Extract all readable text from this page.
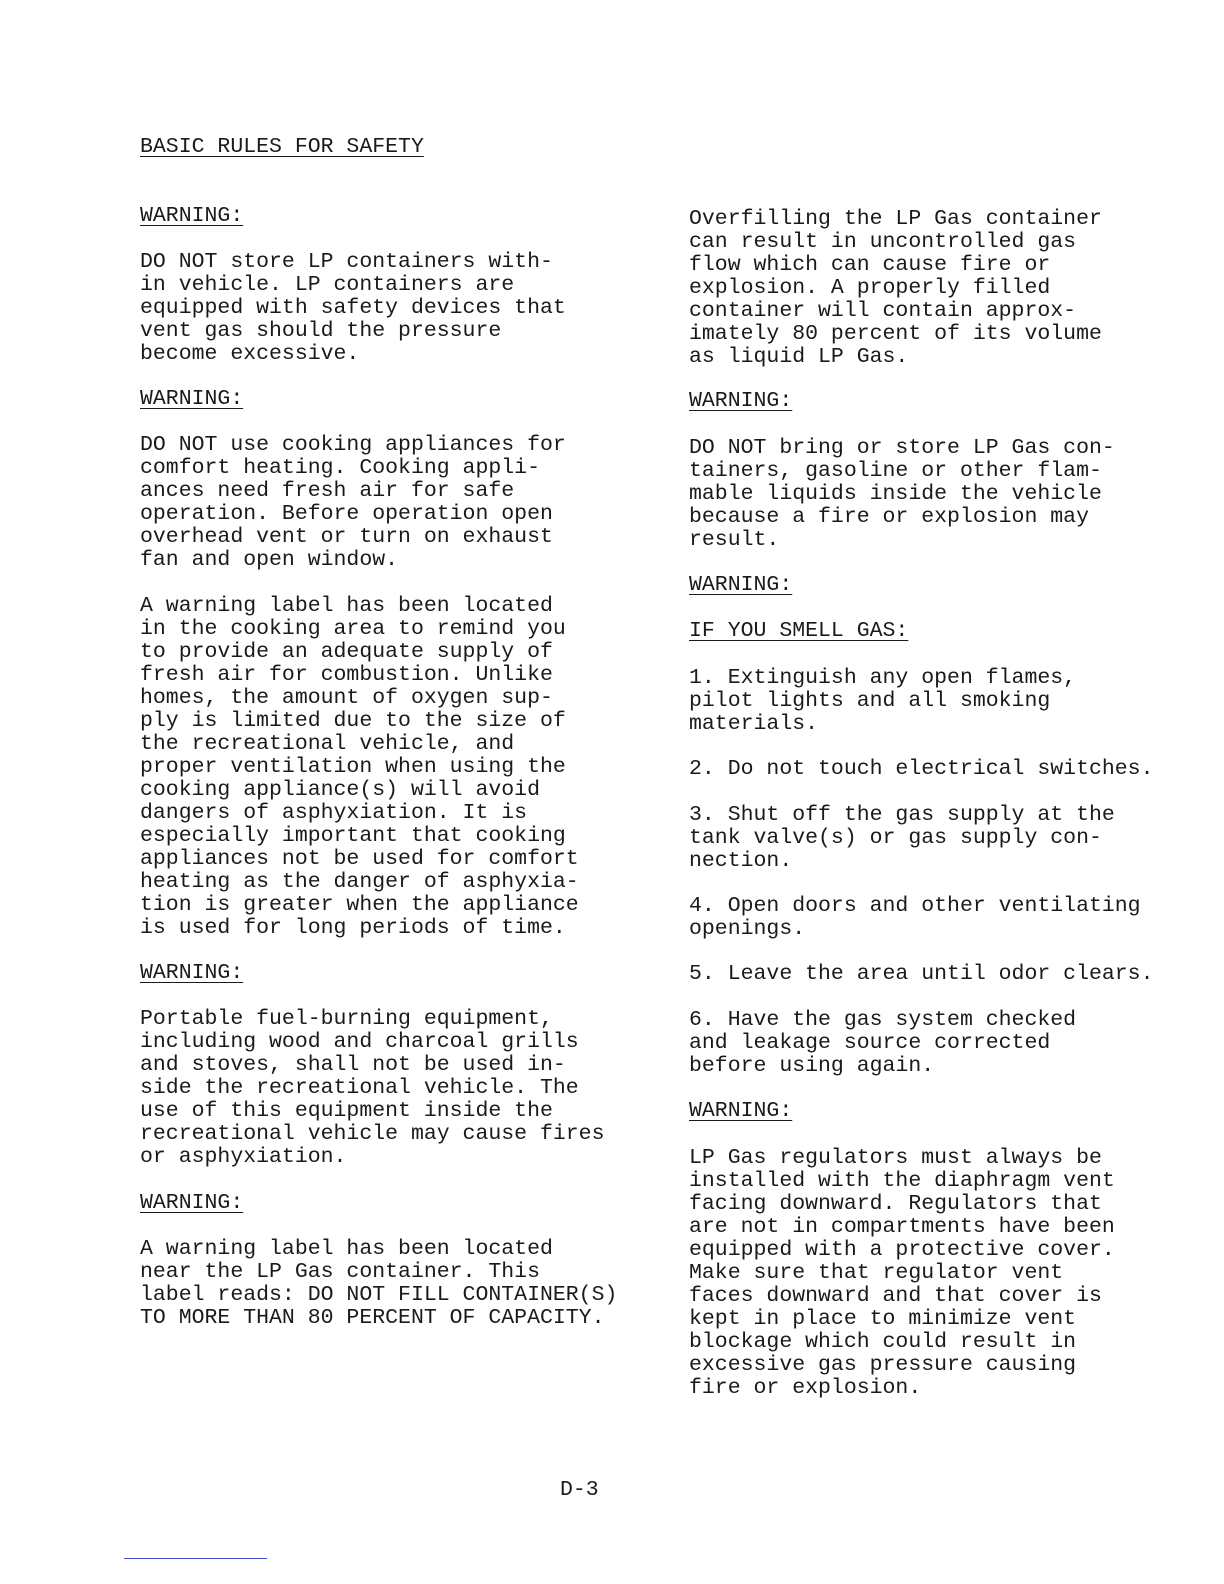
BASIC RULES FOR SAFETY
WARNING:
DO NOT store LP containers with-
in vehicle. LP containers are
equipped with safety devices that
vent gas should the pressure
become excessive.
WARNING:
DO NOT use cooking appliances for
comfort heating. Cooking appli-
ances need fresh air for safe
operation. Before operation open
overhead vent or turn on exhaust
fan and open window.
A warning label has been located
in the cooking area to remind you
to provide an adequate supply of
fresh air for combustion. Unlike
homes, the amount of oxygen sup-
ply is limited due to the size of
the recreational vehicle, and
proper ventilation when using the
cooking appliance(s) will avoid
dangers of asphyxiation. It is
especially important that cooking
appliances not be used for comfort
heating as the danger of asphyxia-
tion is greater when the appliance
is used for long periods of time.
WARNING:
Portable fuel-burning equipment,
including wood and charcoal grills
and stoves, shall not be used in-
side the recreational vehicle. The
use of this equipment inside the
recreational vehicle may cause fires
or asphyxiation.
WARNING:
A warning label has been located
near the LP Gas container. This
label reads: DO NOT FILL CONTAINER(S)
TO MORE THAN 80 PERCENT OF CAPACITY.
Overfilling the LP Gas container
can result in uncontrolled gas
flow which can cause fire or
explosion. A properly filled
container will contain approx-
imately 80 percent of its volume
as liquid LP Gas.
WARNING:
DO NOT bring or store LP Gas con-
tainers, gasoline or other flam-
mable liquids inside the vehicle
because a fire or explosion may
result.
WARNING:
IF YOU SMELL GAS:
1. Extinguish any open flames,
pilot lights and all smoking
materials.
2. Do not touch electrical switches.
3. Shut off the gas supply at the
tank valve(s) or gas supply con-
nection.
4. Open doors and other ventilating
openings.
5. Leave the area until odor clears.
6. Have the gas system checked
and leakage source corrected
before using again.
WARNING:
LP Gas regulators must always be
installed with the diaphragm vent
facing downward. Regulators that
are not in compartments have been
equipped with a protective cover.
Make sure that regulator vent
faces downward and that cover is
kept in place to minimize vent
blockage which could result in
excessive gas pressure causing
fire or explosion.
D-3
